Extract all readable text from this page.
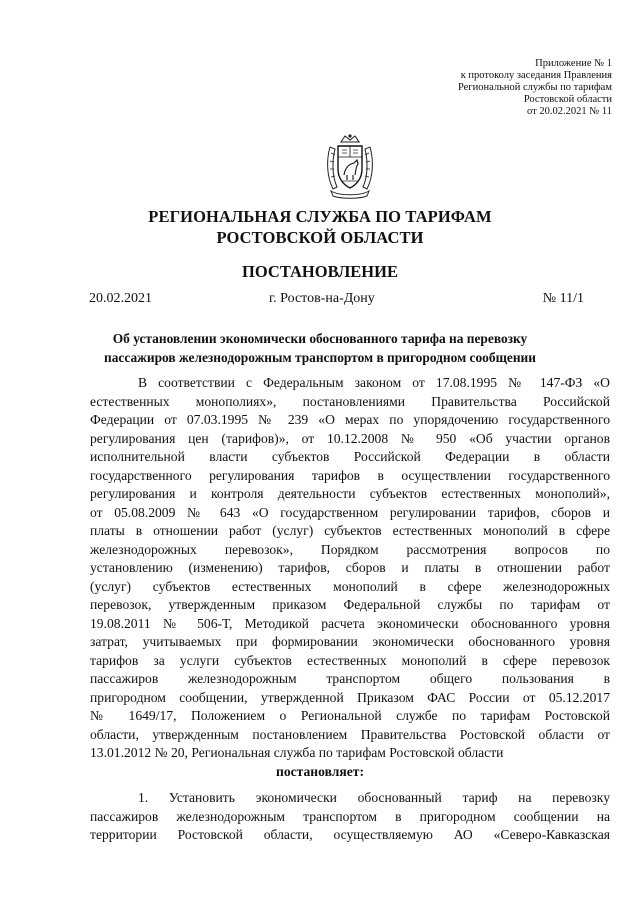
Приложение № 1
к протоколу заседания Правления
Региональной службы по тарифам
Ростовской области
от 20.02.2021 № 11
РЕГИОНАЛЬНАЯ СЛУЖБА ПО ТАРИФАМ
РОСТОВСКОЙ ОБЛАСТИ
ПОСТАНОВЛЕНИЕ
20.02.2021	г. Ростов-на-Дону	№ 11/1
Об установлении экономически обоснованного тарифа на перевозку
пассажиров железнодорожным транспортом в пригородном сообщении
В соответствии с Федеральным законом от 17.08.1995 № 147-ФЗ «О
естественных монополиях», постановлениями Правительства Российской
Федерации от 07.03.1995 № 239 «О мерах по упорядочению государственного
регулирования цен (тарифов)», от 10.12.2008 № 950 «Об участии органов
исполнительной власти субъектов Российской Федерации в области
государственного регулирования тарифов в осуществлении государственного
регулирования и контроля деятельности субъектов естественных монополий»,
от 05.08.2009 № 643 «О государственном регулировании тарифов, сборов и
платы в отношении работ (услуг) субъектов естественных монополий в сфере
железнодорожных перевозок», Порядком рассмотрения вопросов по
установлению (изменению) тарифов, сборов и платы в отношении работ
(услуг) субъектов естественных монополий в сфере железнодорожных
перевозок, утвержденным приказом Федеральной службы по тарифам от
19.08.2011 № 506-Т, Методикой расчета экономически обоснованного уровня
затрат, учитываемых при формировании экономически обоснованного уровня
тарифов за услуги субъектов естественных монополий в сфере перевозок
пассажиров железнодорожным транспортом общего пользования в
пригородном сообщении, утвержденной Приказом ФАС России от 05.12.2017
№ 1649/17, Положением о Региональной службе по тарифам Ростовской
области, утвержденным постановлением Правительства Ростовской области от
13.01.2012 № 20, Региональная служба по тарифам Ростовской области
постановляет:
1. Установить экономически обоснованный тариф на перевозку
пассажиров железнодорожным транспортом в пригородном сообщении на
территории Ростовской области, осуществляемую АО «Северо-Кавказская
